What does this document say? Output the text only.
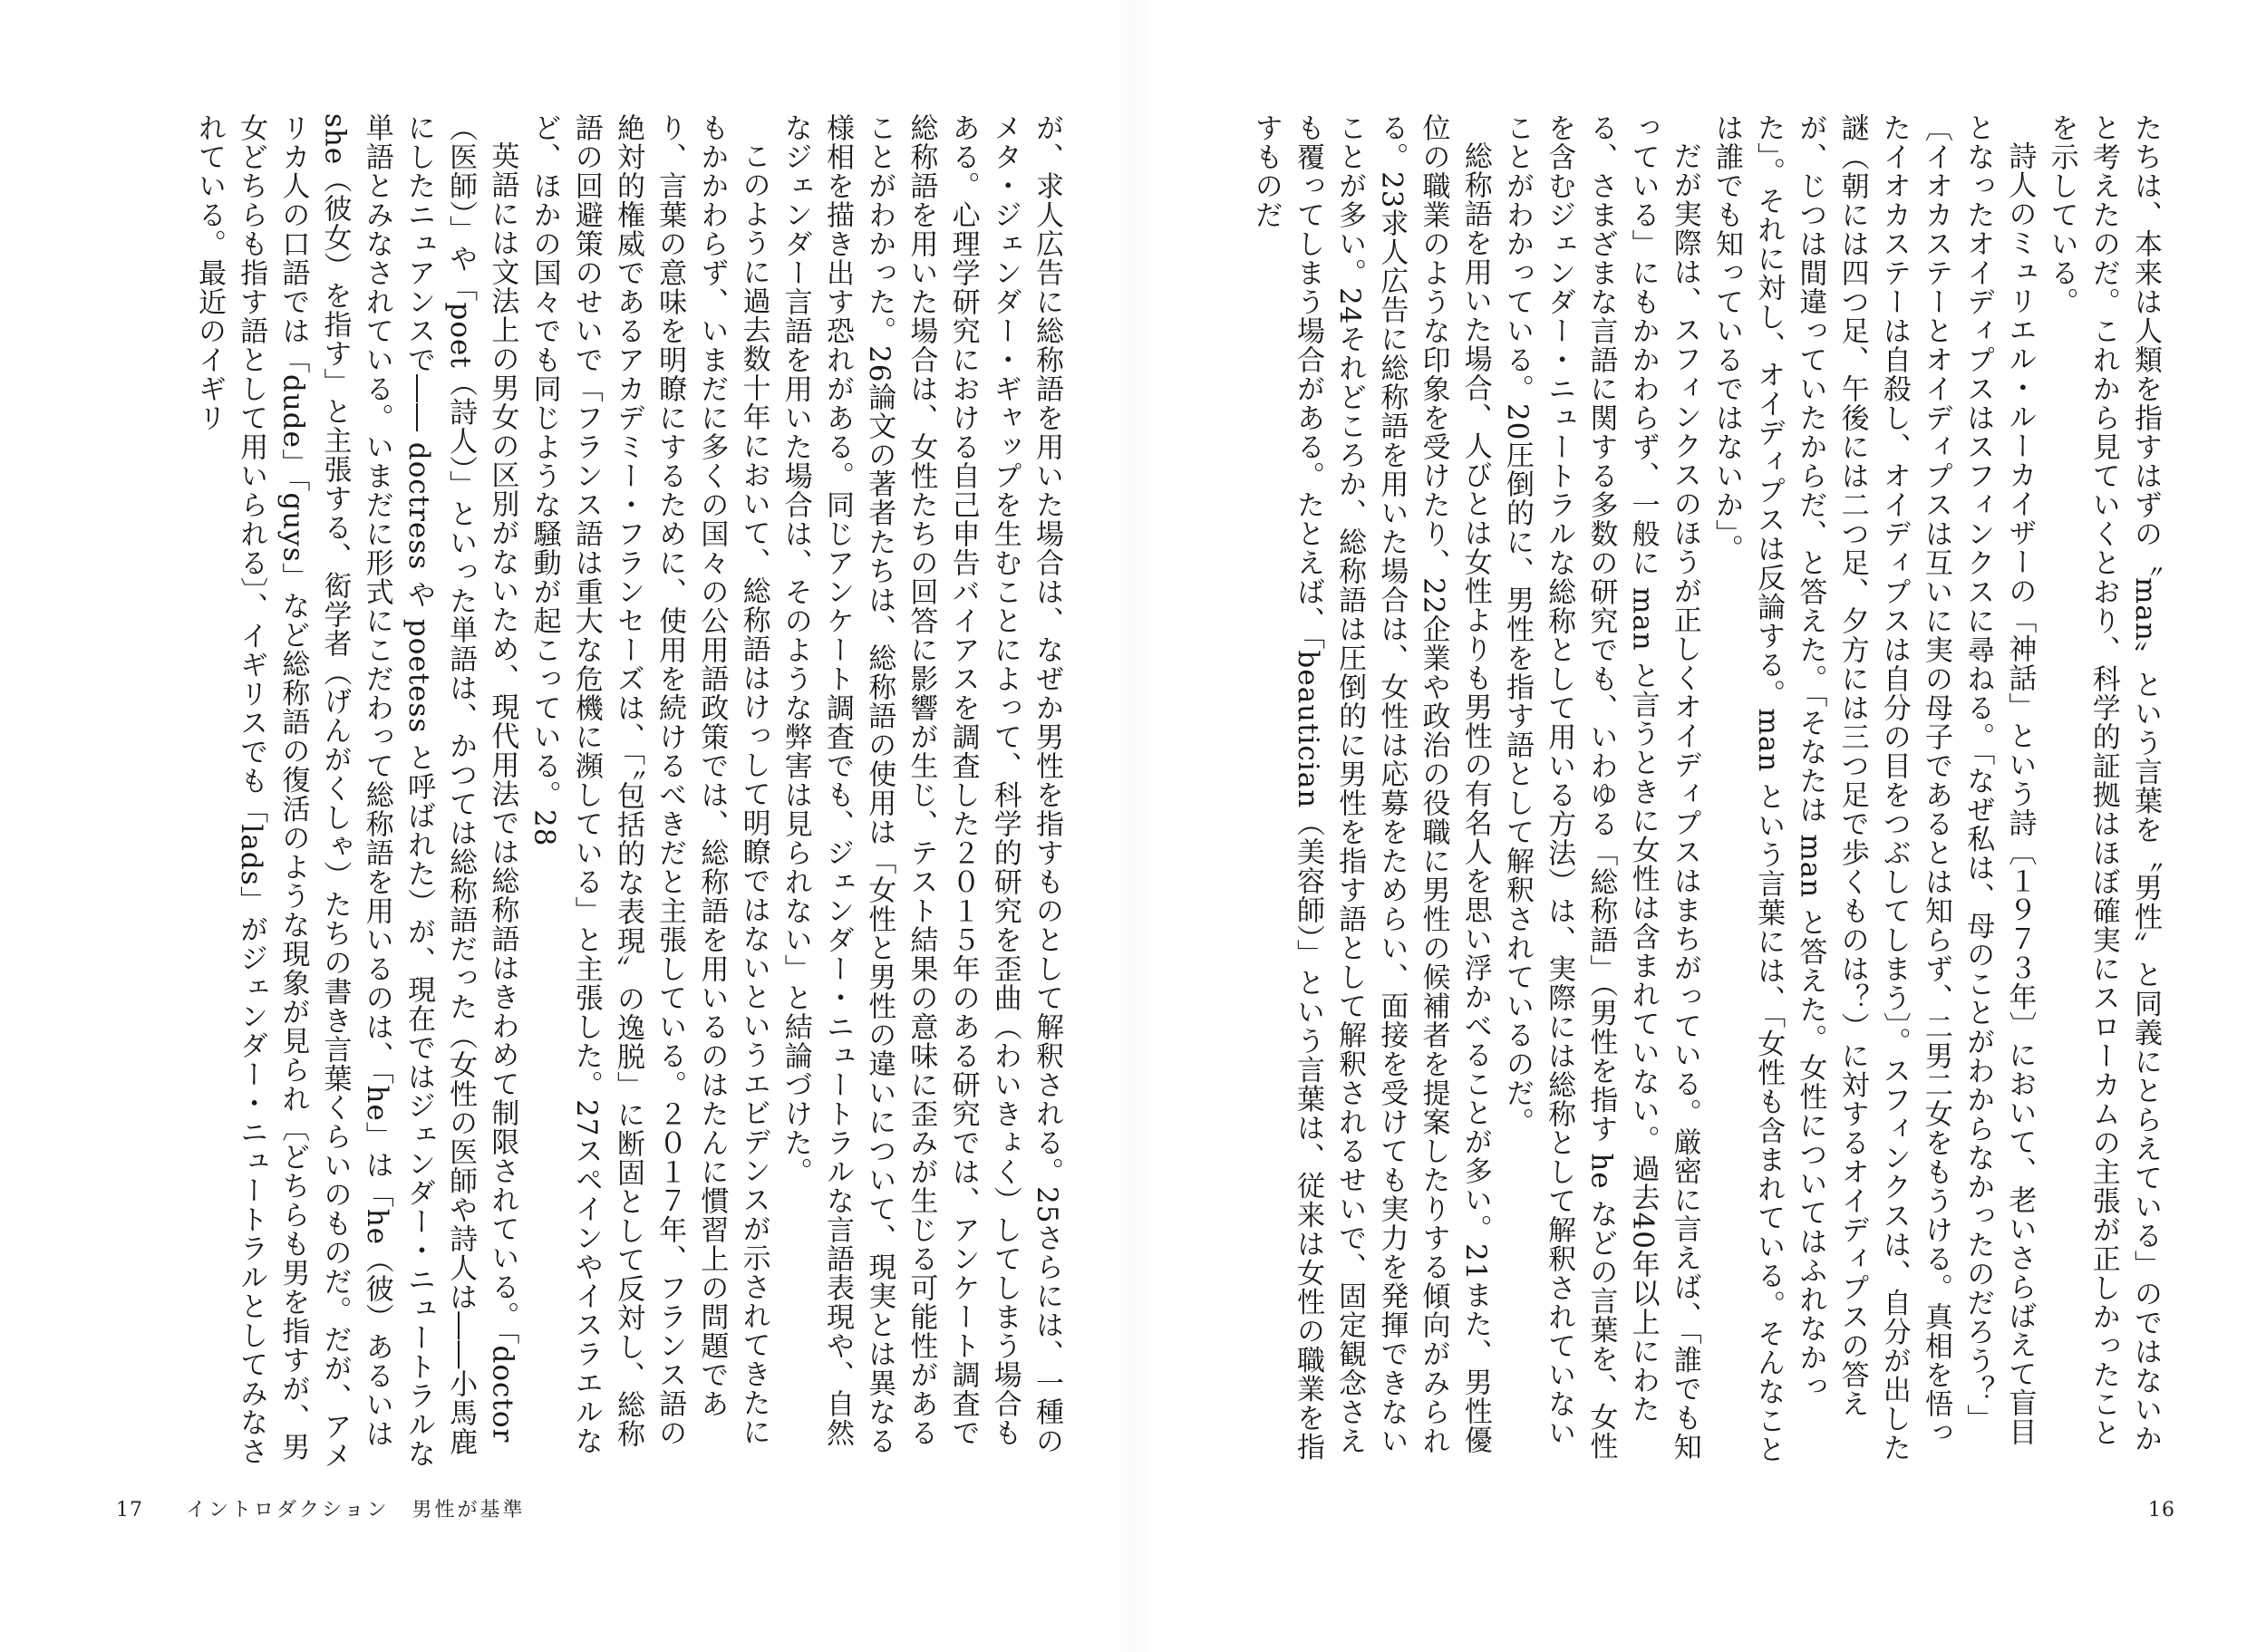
が、求人広告に総称語を用いた場合は、なぜか男性を指すものとして解釈される。25さらには、一種のメタ・ジェンダー・ギャップを生むことによって、科学的研究を歪曲（わいきょく）してしまう場合もある。心理学研究における自己申告バイアスを調査した２０１５年のある研究では、アンケート調査で総称語を用いた場合は、女性たちの回答に影響が生じ、テスト結果の意味に歪みが生じる可能性があることがわかった。26論文の著者たちは、総称語の使用は「女性と男性の違いについて、現実とは異なる様相を描き出す恐れがある。同じアンケート調査でも、ジェンダー・ニュートラルな言語表現や、自然なジェンダー言語を用いた場合は、そのような弊害は見られない」と結論づけた。

このように過去数十年において、総称語はけっして明瞭ではないというエビデンスが示されてきたにもかかわらず、いまだに多くの国々の公用語政策では、総称語を用いるのはたんに慣習上の問題であり、言葉の意味を明瞭にするために、使用を続けるべきだと主張している。２０１７年、フランス語の絶対的権威であるアカデミー・フランセーズは、「〝包括的な表現〟の逸脱」に断固として反対し、総称語の回避策のせいで「フランス語は重大な危機に瀕している」と主張した。27スペインやイスラエルなど、ほかの国々でも同じような騒動が起こっている。28

英語には文法上の男女の区別がないため、現代用法では総称語はきわめて制限されている。「doctor（医師）」や「poet（詩人）」といった単語は、かつては総称語だった（女性の医師や詩人は――小馬鹿にしたニュアンスで―― doctress や poetess と呼ばれた）が、現在ではジェンダー・ニュートラルな単語とみなされている。いまだに形式にこだわって総称語を用いるのは、「he」は「he（彼）あるいは she（彼女）を指す」と主張する、衒学者（げんがくしゃ）たちの書き言葉くらいのものだ。だが、アメリカ人の口語では「dude」「guys」など総称語の復活のような現象が見られ〔どちらも男を指すが、男女どちらも指す語として用いられる〕、イギリスでも「lads」がジェンダー・ニュートラルとしてみなされている。最近のイギリ

17 イントロダクション　男性が基準

たちは、本来は人類を指すはずの〝man〟という言葉を〝男性〟と同義にとらえている」のではないかと考えたのだ。これから見ていくとおり、科学的証拠はほぼ確実にスローカムの主張が正しかったことを示している。

詩人のミュリエル・ルーカイザーの「神話」という詩〔１９７３年〕において、老いさらばえて盲目となったオイディプスはスフィンクスに尋ねる。「なぜ私は、母のことがわからなかったのだろう？」〔イオカステーとオイディプスは互いに実の母子であるとは知らず、二男二女をもうける。真相を悟ったイオカステーは自殺し、オイディプスは自分の目をつぶしてしまう〕。スフィンクスは、自分が出した謎（朝には四つ足、午後には二つ足、夕方には三つ足で歩くものは？）に対するオイディプスの答えが、じつは間違っていたからだ、と答えた。「そなたは man と答えた。女性についてはふれなかった」。それに対し、オイディプスは反論する。man という言葉には、「女性も含まれている。そんなことは誰でも知っているではないか」。

だが実際は、スフィンクスのほうが正しくオイディプスはまちがっている。厳密に言えば、「誰でも知っている」にもかかわらず、一般に man と言うときに女性は含まれていない。過去40年以上にわたる、さまざまな言語に関する多数の研究でも、いわゆる「総称語」（男性を指す he などの言葉を、女性を含むジェンダー・ニュートラルな総称として用いる方法）は、実際には総称として解釈されていないことがわかっている。20圧倒的に、男性を指す語として解釈されているのだ。

総称語を用いた場合、人びとは女性よりも男性の有名人を思い浮かべることが多い。21また、男性優位の職業のような印象を受けたり、22企業や政治の役職に男性の候補者を提案したりする傾向がみられる。23求人広告に総称語を用いた場合は、女性は応募をためらい、面接を受けても実力を発揮できないことが多い。24それどころか、総称語は圧倒的に男性を指す語として解釈されるせいで、固定観念さえも覆ってしまう場合がある。たとえば、「beautician（美容師）」という言葉は、従来は女性の職業を指すものだ

16
